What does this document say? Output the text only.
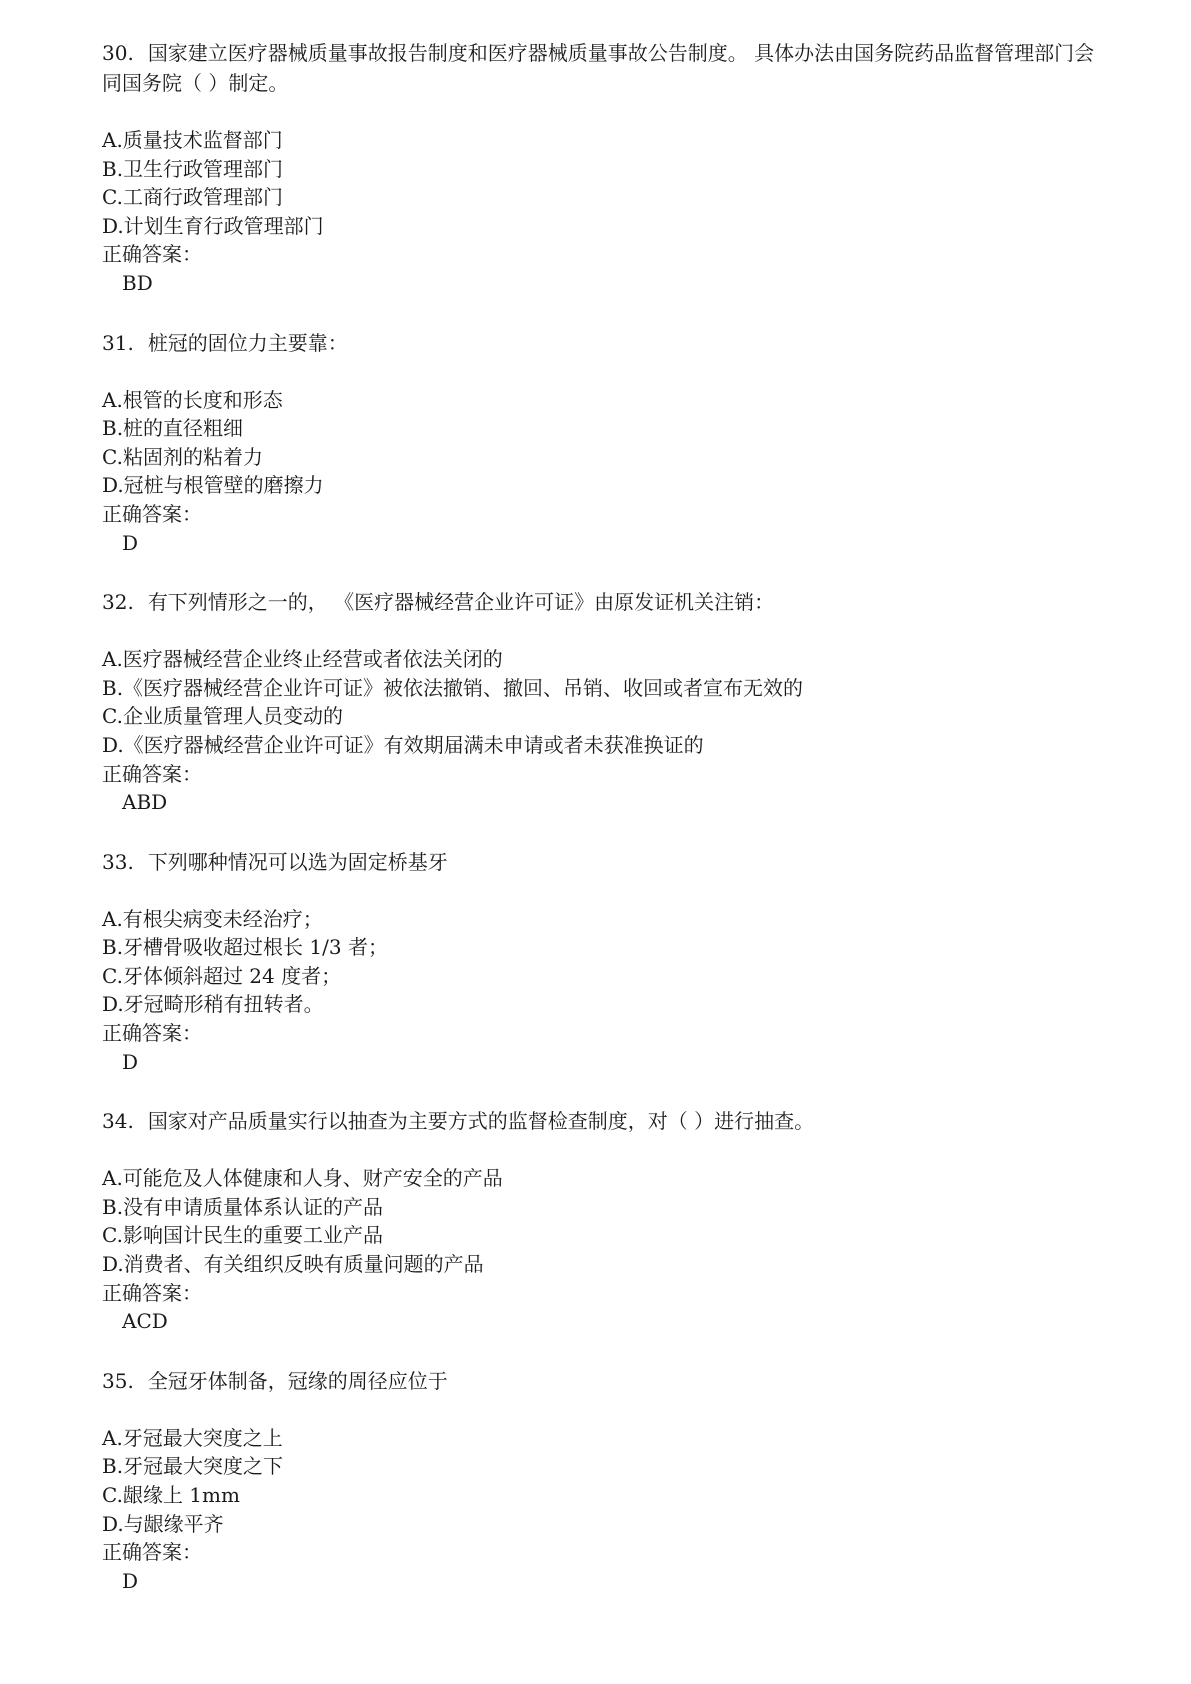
30. 国家建立医疗器械质量事故报告制度和医疗器械质量事故公告制度。 具体办法由国务院药品监督管理部门会同国务院（ ）制定。
A.质量技术监督部门
B.卫生行政管理部门
C.工商行政管理部门
D.计划生育行政管理部门
正确答案：
BD
31. 桩冠的固位力主要靠：
A.根管的长度和形态
B.桩的直径粗细
C.粘固剂的粘着力
D.冠桩与根管壁的磨擦力
正确答案：
D
32. 有下列情形之一的， 《医疗器械经营企业许可证》由原发证机关注销：
A.医疗器械经营企业终止经营或者依法关闭的
B.《医疗器械经营企业许可证》被依法撤销、撤回、吊销、收回或者宣布无效的
C.企业质量管理人员变动的
D.《医疗器械经营企业许可证》有效期届满未申请或者未获准换证的
正确答案：
ABD
33. 下列哪种情况可以选为固定桥基牙
A.有根尖病变未经治疗；
B.牙槽骨吸收超过根长 1/3 者；
C.牙体倾斜超过 24 度者；
D.牙冠畸形稍有扭转者。
正确答案：
D
34. 国家对产品质量实行以抽查为主要方式的监督检查制度，对（ ）进行抽查。
A.可能危及人体健康和人身、财产安全的产品
B.没有申请质量体系认证的产品
C.影响国计民生的重要工业产品
D.消费者、有关组织反映有质量问题的产品
正确答案：
ACD
35. 全冠牙体制备，冠缘的周径应位于
A.牙冠最大突度之上
B.牙冠最大突度之下
C.龈缘上 1mm
D.与龈缘平齐
正确答案：
D
